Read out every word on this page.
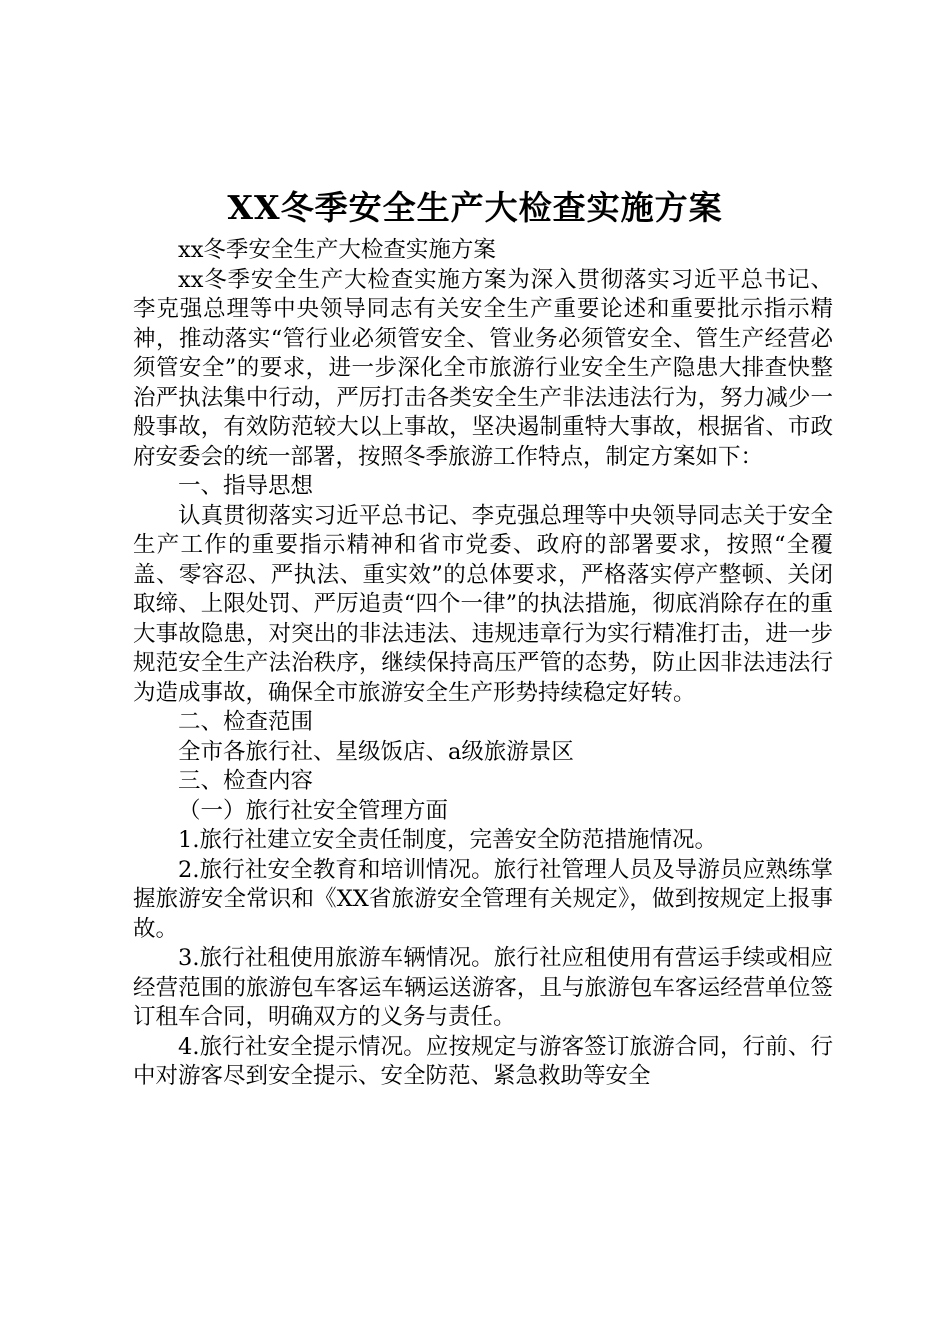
XX冬季安全生产大检查实施方案

xx冬季安全生产大检查实施方案

xx冬季安全生产大检查实施方案为深入贯彻落实习近平总书记、李克强总理等中央领导同志有关安全生产重要论述和重要批示指示精神，推动落实“管行业必须管安全、管业务必须管安全、管生产经营必须管安全”的要求，进一步深化全市旅游行业安全生产隐患大排查快整治严执法集中行动，严厉打击各类安全生产非法违法行为，努力减少一般事故，有效防范较大以上事故，坚决遏制重特大事故，根据省、市政府安委会的统一部署，按照冬季旅游工作特点，制定方案如下：

一、指导思想

认真贯彻落实习近平总书记、李克强总理等中央领导同志关于安全生产工作的重要指示精神和省市党委、政府的部署要求，按照“全覆盖、零容忍、严执法、重实效”的总体要求，严格落实停产整顿、关闭取缔、上限处罚、严厉追责“四个一律”的执法措施，彻底消除存在的重大事故隐患，对突出的非法违法、违规违章行为实行精准打击，进一步规范安全生产法治秩序，继续保持高压严管的态势，防止因非法违法行为造成事故，确保全市旅游安全生产形势持续稳定好转。

二、检查范围

全市各旅行社、星级饭店、a级旅游景区

三、检查内容

（一）旅行社安全管理方面

1.旅行社建立安全责任制度，完善安全防范措施情况。

2.旅行社安全教育和培训情况。旅行社管理人员及导游员应熟练掌握旅游安全常识和《XX省旅游安全管理有关规定》，做到按规定上报事故。

3.旅行社租使用旅游车辆情况。旅行社应租使用有营运手续或相应经营范围的旅游包车客运车辆运送游客，且与旅游包车客运经营单位签订租车合同，明确双方的义务与责任。

4.旅行社安全提示情况。应按规定与游客签订旅游合同，行前、行中对游客尽到安全提示、安全防范、紧急救助等安全
